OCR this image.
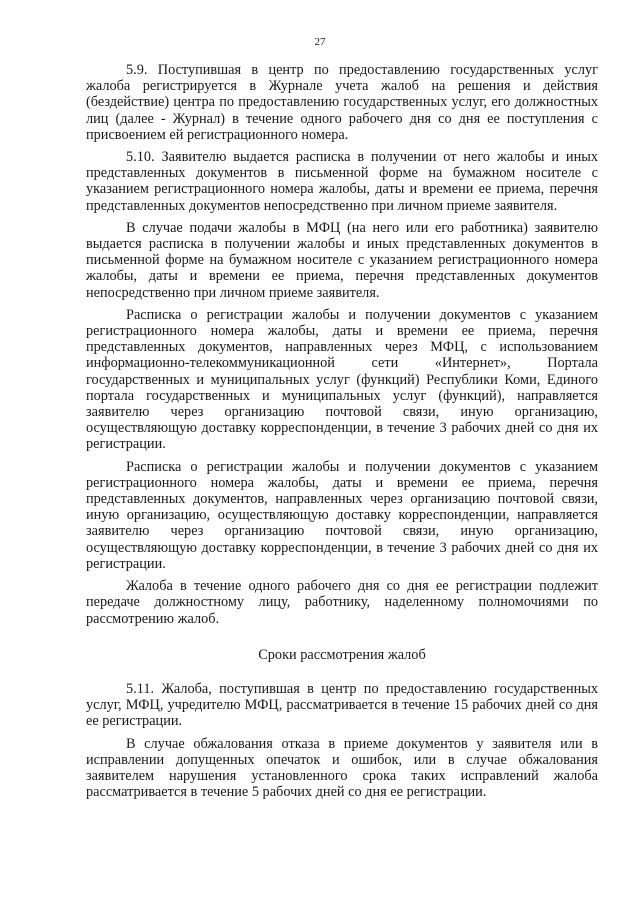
27

5.9. Поступившая в центр по предоставлению государственных услуг жалоба регистрируется в Журнале учета жалоб на решения и действия (бездействие) центра по предоставлению государственных услуг, его должностных лиц (далее - Журнал) в течение одного рабочего дня со дня ее поступления с присвоением ей регистрационного номера.

5.10. Заявителю выдается расписка в получении от него жалобы и иных представленных документов в письменной форме на бумажном носителе с указанием регистрационного номера жалобы, даты и времени ее приема, перечня представленных документов непосредственно при личном приеме заявителя.

В случае подачи жалобы в МФЦ (на него или его работника) заявителю выдается расписка в получении жалобы и иных представленных документов в письменной форме на бумажном носителе с указанием регистрационного номера жалобы, даты и времени ее приема, перечня представленных документов непосредственно при личном приеме заявителя.

Расписка о регистрации жалобы и получении документов с указанием регистрационного номера жалобы, даты и времени ее приема, перечня представленных документов, направленных через МФЦ, с использованием информационно-телекоммуникационной сети «Интернет», Портала государственных и муниципальных услуг (функций) Республики Коми, Единого портала государственных и муниципальных услуг (функций), направляется заявителю через организацию почтовой связи, иную организацию, осуществляющую доставку корреспонденции, в течение 3 рабочих дней со дня их регистрации.

Расписка о регистрации жалобы и получении документов с указанием регистрационного номера жалобы, даты и времени ее приема, перечня представленных документов, направленных через организацию почтовой связи, иную организацию, осуществляющую доставку корреспонденции, направляется заявителю через организацию почтовой связи, иную организацию, осуществляющую доставку корреспонденции, в течение 3 рабочих дней со дня их регистрации.

Жалоба в течение одного рабочего дня со дня ее регистрации подлежит передаче должностному лицу, работнику, наделенному полномочиями по рассмотрению жалоб.

Сроки рассмотрения жалоб

5.11. Жалоба, поступившая в центр по предоставлению государственных услуг, МФЦ, учредителю МФЦ, рассматривается в течение 15 рабочих дней со дня ее регистрации.

В случае обжалования отказа в приеме документов у заявителя или в исправлении допущенных опечаток и ошибок, или в случае обжалования заявителем нарушения установленного срока таких исправлений жалоба рассматривается в течение 5 рабочих дней со дня ее регистрации.
